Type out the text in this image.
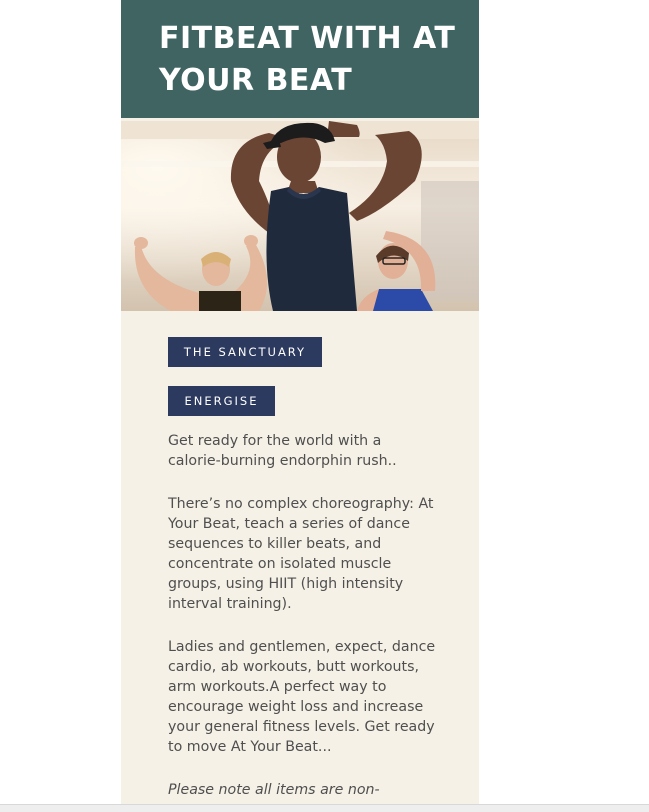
FITBEAT WITH AT YOUR BEAT
THE SANCTUARY
ENERGISE

Get ready for the world with a calorie-burning endorphin rush..

There’s no complex choreography: At Your Beat, teach a series of dance sequences to killer beats, and concentrate on isolated muscle groups, using HIIT (high intensity interval training).

Ladies and gentlemen, expect, dance cardio, ab workouts, butt workouts, arm workouts.A perfect way to encourage weight loss and increase your general fitness levels. Get ready to move At Your Beat...

Please note all items are non-
